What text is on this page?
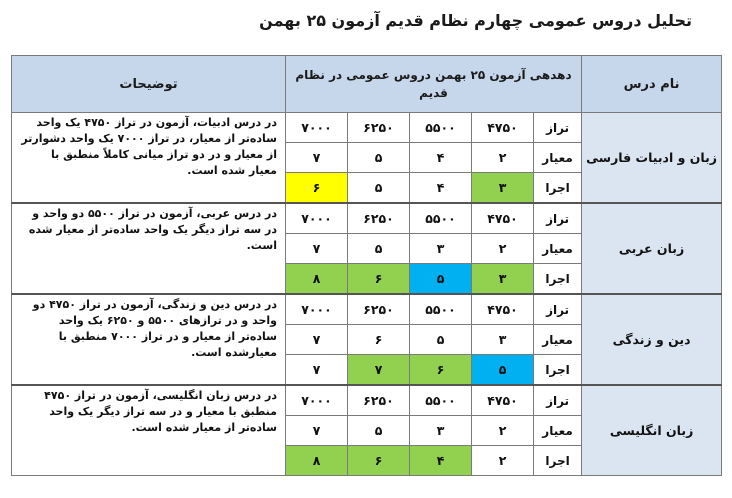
تحلیل دروس عمومی چهارم نظام قدیم آزمون ۲۵ بهمن
نام درس	دهدهی آزمون ۲۵ بهمن دروس عمومی در نظام قدیم					توضیحات
زبان و ادبیات فارسی	تراز	۴۷۵۰	۵۵۰۰	۶۲۵۰	۷۰۰۰	در درس ادبیات، آزمون در تراز ۴۷۵۰ یک واحد ساده‌تر از معیار، در تراز ۷۰۰۰ یک واحد دشوارتر از معیار و در دو تراز میانی کاملاً منطبق با معیار شده است.
	معیار	۲	۴	۵	۷	
	اجرا	۳	۴	۵	۶	
زبان عربی	تراز	۴۷۵۰	۵۵۰۰	۶۲۵۰	۷۰۰۰	در درس عربی، آزمون در تراز ۵۵۰۰ دو واحد و در سه تراز دیگر یک واحد ساده‌تر از معیار شده است.
	معیار	۲	۳	۵	۷	
	اجرا	۳	۵	۶	۸	
دین و زندگی	تراز	۴۷۵۰	۵۵۰۰	۶۲۵۰	۷۰۰۰	در درس دین و زندگی، آزمون در تراز ۴۷۵۰ دو واحد و در ترازهای ۵۵۰۰ و ۶۲۵۰ یک واحد ساده‌تر از معیار و در تراز ۷۰۰۰ منطبق با معیارشده است.
	معیار	۳	۵	۶	۷	
	اجرا	۵	۶	۷	۷	
زبان انگلیسی	تراز	۴۷۵۰	۵۵۰۰	۶۲۵۰	۷۰۰۰	در درس زبان انگلیسی، آزمون در تراز ۴۷۵۰ منطبق با معیار و در سه تراز دیگر یک واحد ساده‌تر از معیار شده است.
	معیار	۲	۳	۵	۷	
	اجرا	۲	۴	۶	۸	
